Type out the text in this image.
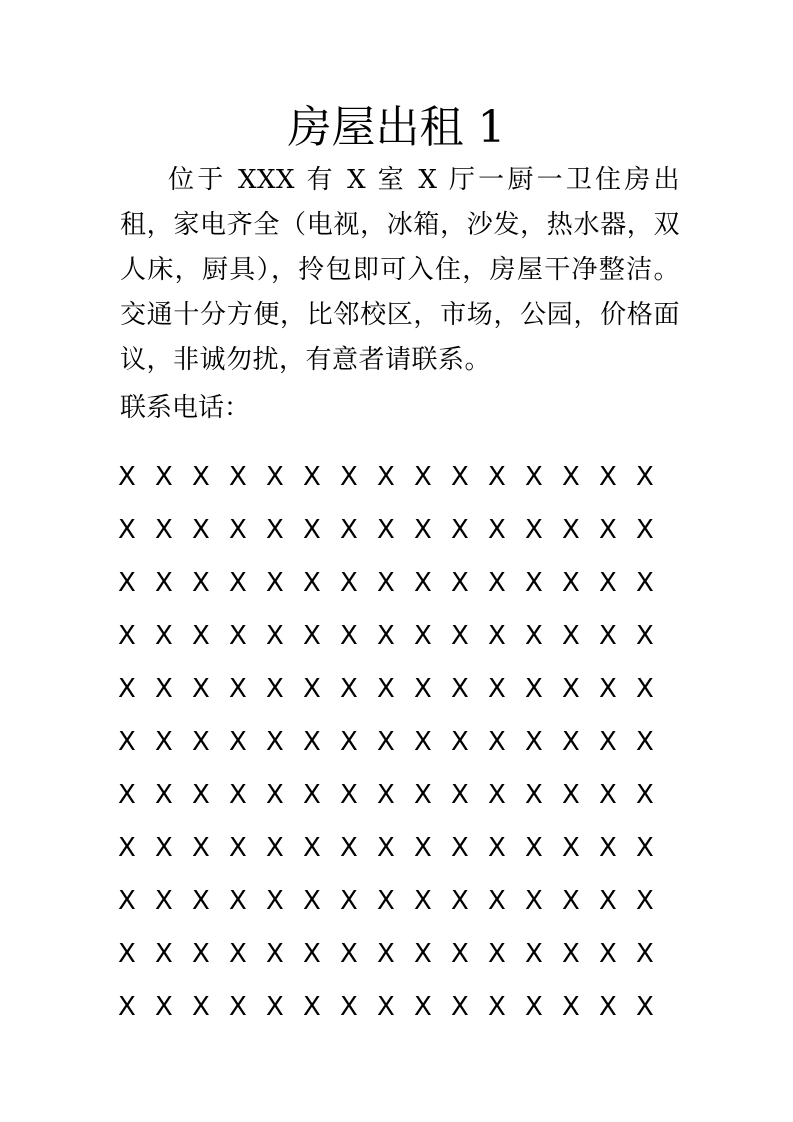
房屋出租 1

位于 XXX 有 X 室 X 厅一厨一卫住房出租，家电齐全（电视，冰箱，沙发，热水器，双人床，厨具），拎包即可入住，房屋干净整洁。交通十分方便，比邻校区，市场，公园，价格面议，非诚勿扰，有意者请联系。

联系电话：

X X X X X X X X X X X X X X X
X X X X X X X X X X X X X X X
X X X X X X X X X X X X X X X
X X X X X X X X X X X X X X X
X X X X X X X X X X X X X X X
X X X X X X X X X X X X X X X
X X X X X X X X X X X X X X X
X X X X X X X X X X X X X X X
X X X X X X X X X X X X X X X
X X X X X X X X X X X X X X X
X X X X X X X X X X X X X X X
